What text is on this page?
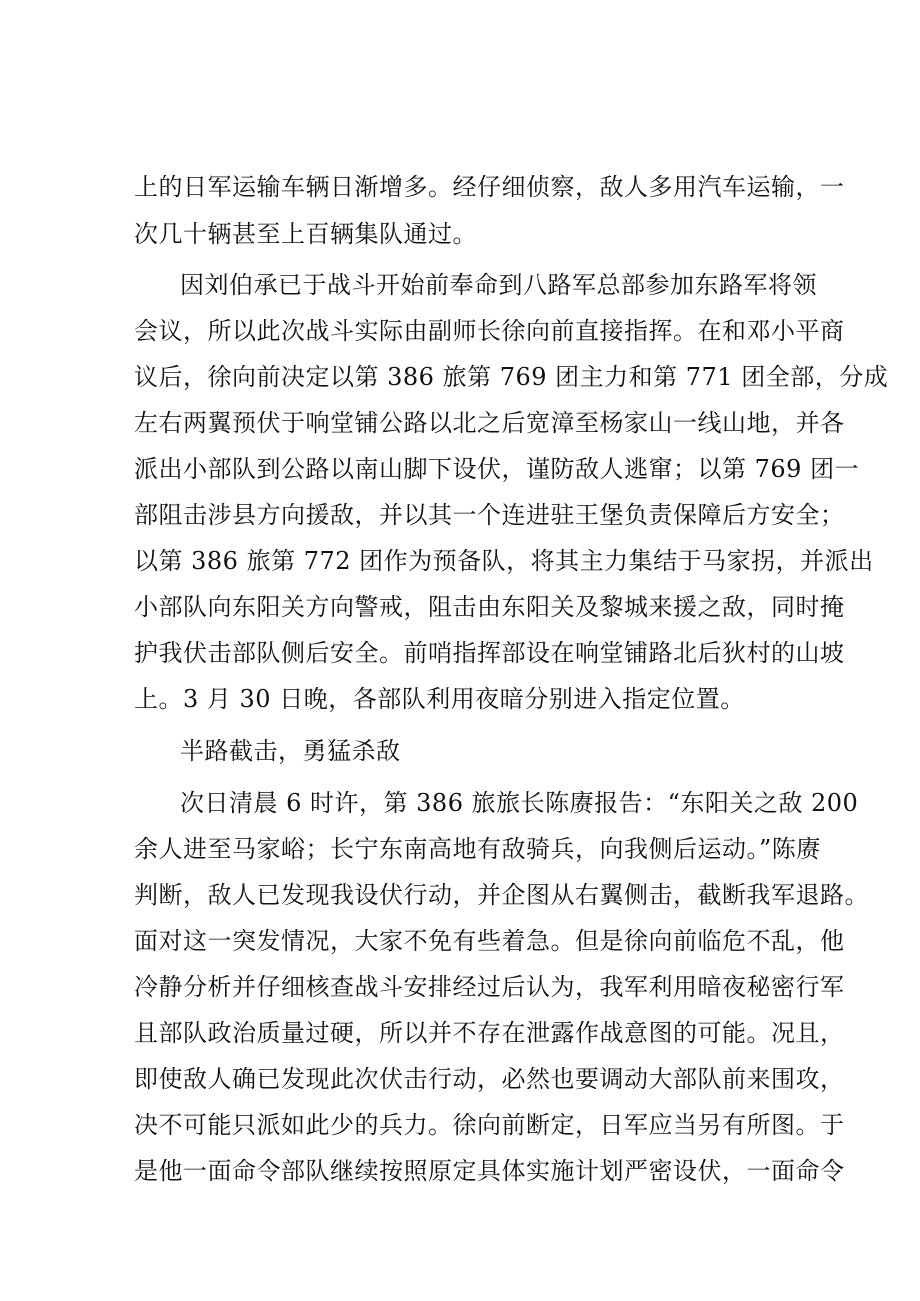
上的日军运输车辆日渐增多。经仔细侦察，敌人多用汽车运输，一
次几十辆甚至上百辆集队通过。
因刘伯承已于战斗开始前奉命到八路军总部参加东路军将领
会议，所以此次战斗实际由副师长徐向前直接指挥。在和邓小平商
议后，徐向前决定以第 386 旅第 769 团主力和第 771 团全部，分成
左右两翼预伏于响堂铺公路以北之后宽漳至杨家山一线山地，并各
派出小部队到公路以南山脚下设伏，谨防敌人逃窜；以第 769 团一
部阻击涉县方向援敌，并以其一个连进驻王堡负责保障后方安全；
以第 386 旅第 772 团作为预备队，将其主力集结于马家拐，并派出
小部队向东阳关方向警戒，阻击由东阳关及黎城来援之敌，同时掩
护我伏击部队侧后安全。前哨指挥部设在响堂铺路北后狄村的山坡
上。3 月 30 日晚，各部队利用夜暗分别进入指定位置。
半路截击，勇猛杀敌
次日清晨 6 时许，第 386 旅旅长陈赓报告：“东阳关之敌 200
余人进至马家峪；长宁东南高地有敌骑兵，向我侧后运动。”陈赓
判断，敌人已发现我设伏行动，并企图从右翼侧击，截断我军退路。
面对这一突发情况，大家不免有些着急。但是徐向前临危不乱，他
冷静分析并仔细核查战斗安排经过后认为，我军利用暗夜秘密行军
且部队政治质量过硬，所以并不存在泄露作战意图的可能。况且，
即使敌人确已发现此次伏击行动，必然也要调动大部队前来围攻，
决不可能只派如此少的兵力。徐向前断定，日军应当另有所图。于
是他一面命令部队继续按照原定具体实施计划严密设伏，一面命令
